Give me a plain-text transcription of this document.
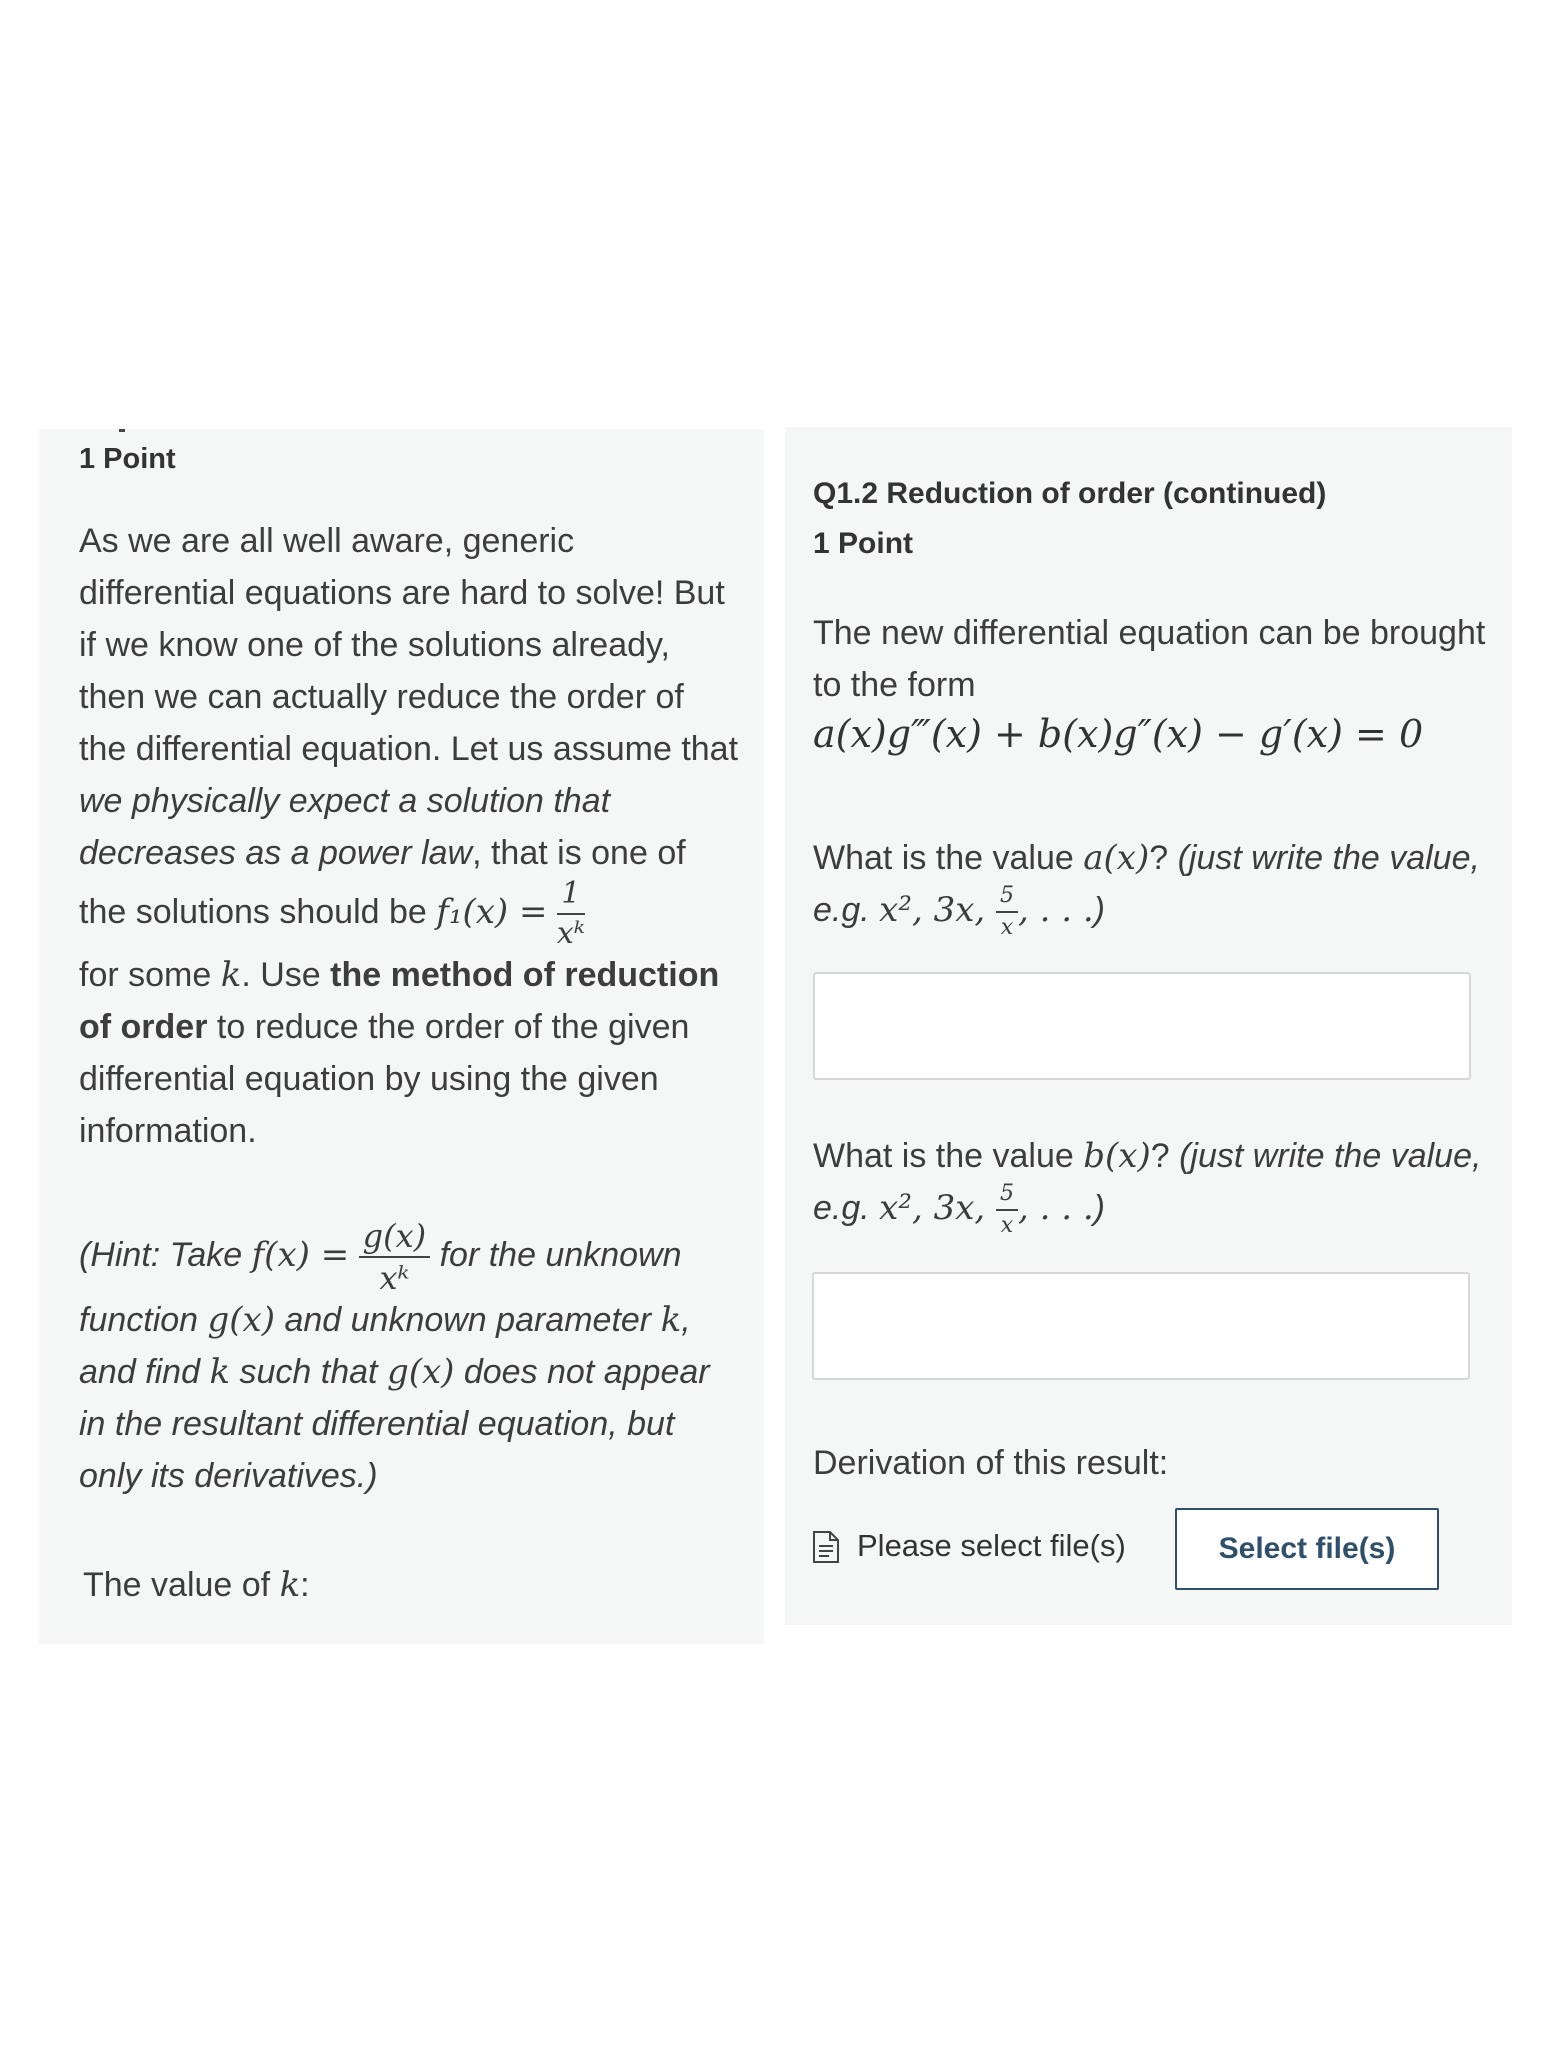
1 Point
As we are all well aware, generic differential equations are hard to solve! But if we know one of the solutions already, then we can actually reduce the order of the differential equation. Let us assume that we physically expect a solution that decreases as a power law, that is one of the solutions should be $f_1(x) = \frac{1}{\text{xᵏ}}$

for some k. Use the method of reduction of order to reduce the order of the given differential equation by using the given information.
(Hint: Take $f(x) = \frac{g(x)}{\text{xᵏ}}$ for the unknown function g(x) and unknown parameter k, and find k such that g(x) does not appear in the resultant differential equation, but only its derivatives.)
The value of k:
Q1.2 Reduction of order (continued)
1 Point
The new differential equation can be brought to the form
a(x)g‴(x) + b(x)g″(x) − g′(x) = 0
What is the value a(x)? (just write the value, e.g. x², 3x, $\frac{5}{x}$ , . . .)
What is the value b(x)? (just write the value, e.g. x², 3x, $\frac{5}{x}$ , . . .)
Derivation of this result:
Please select file(s)	Select file(s)
